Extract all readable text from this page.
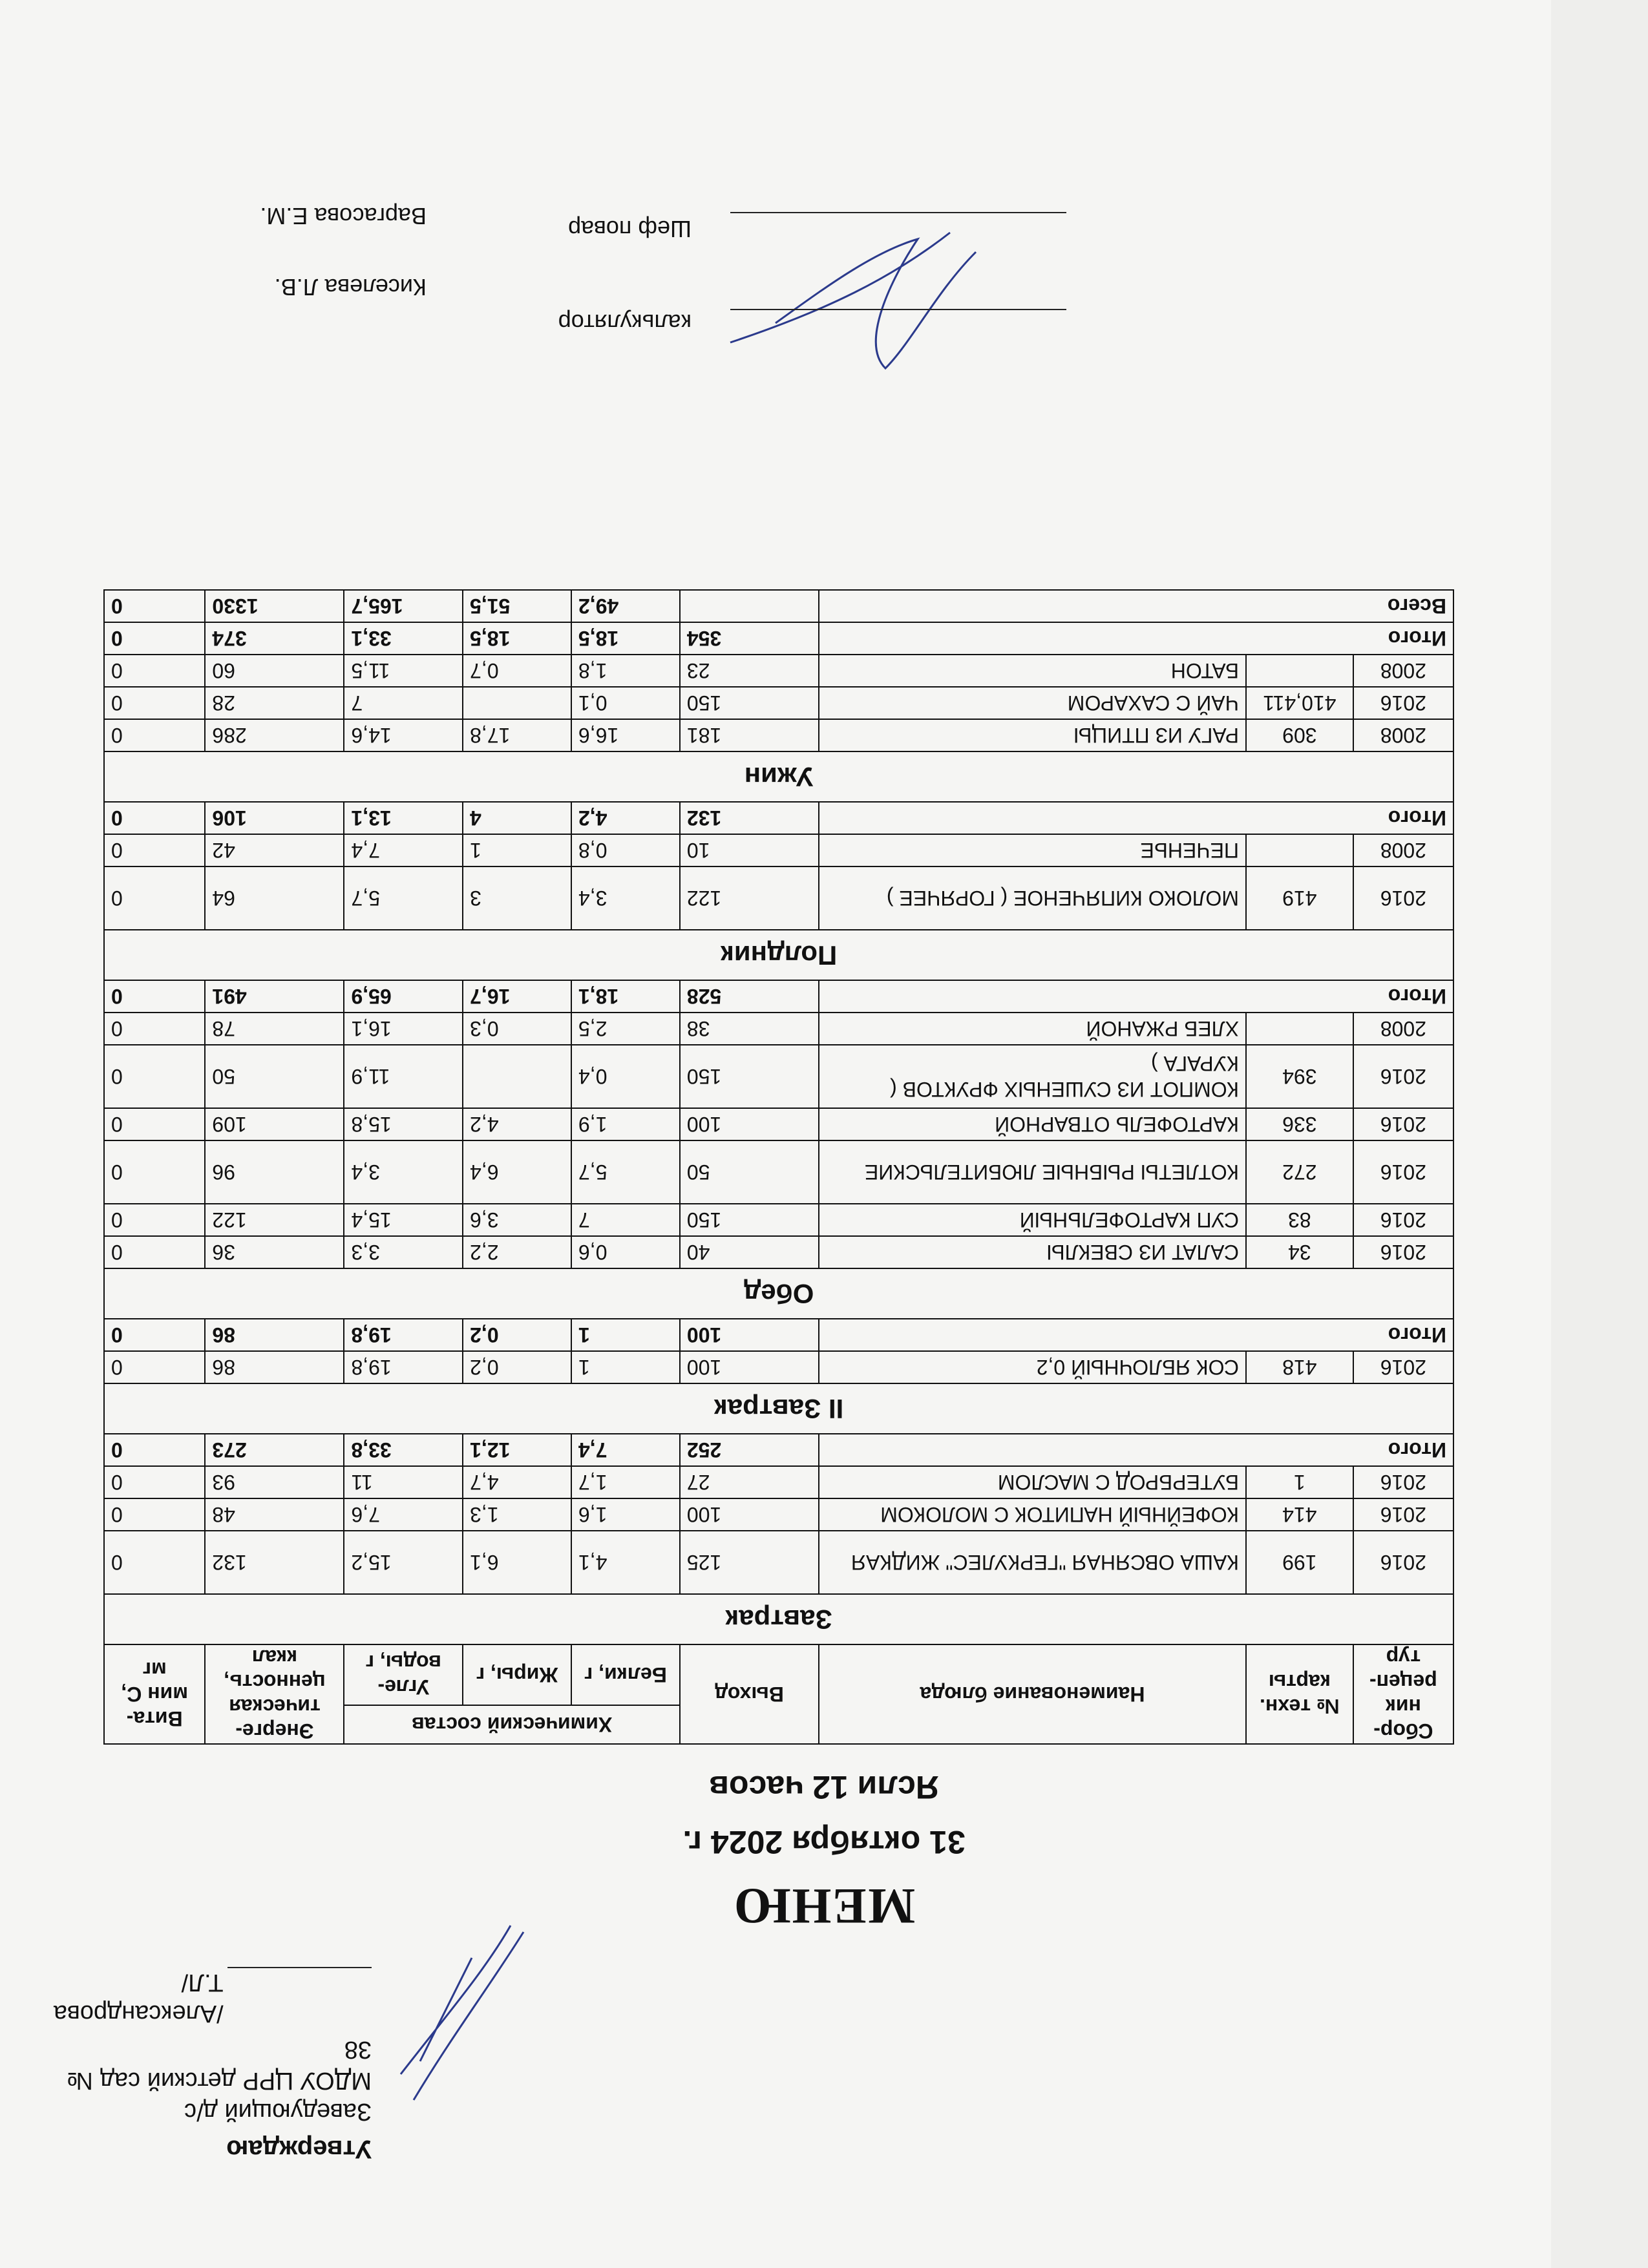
Утверждаю
Заведующий д/с
МДОУ ЦРР детский сад № 38
/Александрова Т.Л/
МЕНЮ
31 октября 2024 г.
Ясли 12 часов
Сбор-ник рецеп-тур	№ техн. карты	Наименование блюда	Выход	Химический состав			Энерге-тическая ценность, ккал	Вита-мин С, мг
				Белки, г	Жиры, г	Угле-воды, г		
Завтрак								
2016	199	КАША ОВСЯНАЯ "ГЕРКУЛЕС" ЖИДКАЯ	125	4,1	6,1	15,2	132	0
2016	414	КОФЕЙНЫЙ НАПИТОК С МОЛОКОМ	100	1,6	1,3	7,6	48	0
2016	1	БУТЕРБРОД С МАСЛОМ	27	1,7	4,7	11	93	0
Итого			252	7,4	12,1	33,8	273	0
II Завтрак								
2016	418	СОК ЯБЛОЧНЫЙ 0,2	100	1	0,2	19,8	86	0
Итого			100	1	0,2	19,8	86	0
Обед								
2016	34	САЛАТ ИЗ СВЕКЛЫ	40	0,6	2,2	3,3	36	0
2016	83	СУП КАРТОФЕЛЬНЫЙ	150	7	3,6	15,4	122	0
2016	272	КОТЛЕТЫ РЫБНЫЕ ЛЮБИТЕЛЬСКИЕ	50	5,7	6,4	3,4	96	0
2016	336	КАРТОФЕЛЬ ОТВАРНОЙ	100	1,9	4,2	15,8	109	0
2016	394	КОМПОТ ИЗ СУШЕНЫХ ФРУКТОВ ( КУРАГА )	150	0,4		11,9	50	0
2008		ХЛЕБ РЖАНОЙ	38	2,5	0,3	16,1	78	0
Итого			528	18,1	16,7	65,9	491	0
Полдник								
2016	419	МОЛОКО КИПЯЧЕНОЕ ( ГОРЯЧЕЕ )	122	3,4	3	5,7	64	0
2008		ПЕЧЕНЬЕ	10	0,8	1	7,4	42	0
Итого			132	4,2	4	13,1	106	0
Ужин								
2008	309	РАГУ ИЗ ПТИЦЫ	181	16,6	17,8	14,6	286	0
2016	410,411	ЧАЙ С САХАРОМ	150	0,1		7	28	0
2008		БАТОН	23	1,8	0,7	11,5	60	0
Итого			354	18,5	18,5	33,1	374	0
Всего				49,2	51,5	165,7	1330	0
калькулятор
Киселева Л.В.
Шеф повар
Варгасова Е.М.
